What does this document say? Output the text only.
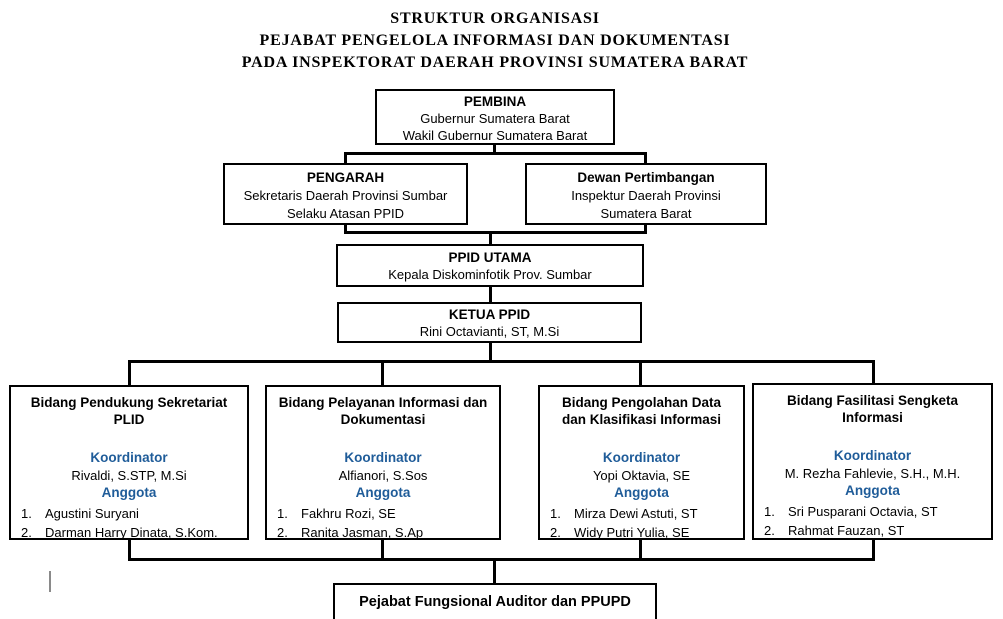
STRUKTUR ORGANISASI
PEJABAT PENGELOLA INFORMASI DAN DOKUMENTASI
PADA INSPEKTORAT DAERAH PROVINSI SUMATERA BARAT
PEMBINA
Gubernur Sumatera Barat
Wakil Gubernur Sumatera Barat
PENGARAH
Sekretaris Daerah Provinsi Sumbar
Selaku Atasan PPID
Dewan Pertimbangan
Inspektur Daerah Provinsi
Sumatera Barat
PPID UTAMA
Kepala Diskominfotik Prov. Sumbar
KETUA PPID
Rini Octavianti, ST, M.Si
Bidang Pendukung Sekretariat
PLID
Koordinator
Rivaldi, S.STP, M.Si
Anggota
1.	Agustini Suryani
2.	Darman Harry Dinata, S.Kom.
Bidang Pelayanan Informasi dan
Dokumentasi
Koordinator
Alfianori, S.Sos
Anggota
1.	Fakhru Rozi, SE
2.	Ranita Jasman, S.Ap
Bidang Pengolahan Data
dan Klasifikasi Informasi
Koordinator
Yopi Oktavia, SE
Anggota
1.	Mirza Dewi Astuti, ST
2.	Widy Putri Yulia, SE
Bidang Fasilitasi Sengketa
Informasi
Koordinator
M. Rezha Fahlevie, S.H., M.H.
Anggota
1.	Sri Pusparani Octavia, ST
2.	Rahmat Fauzan, ST
Pejabat Fungsional Auditor dan PPUPD
